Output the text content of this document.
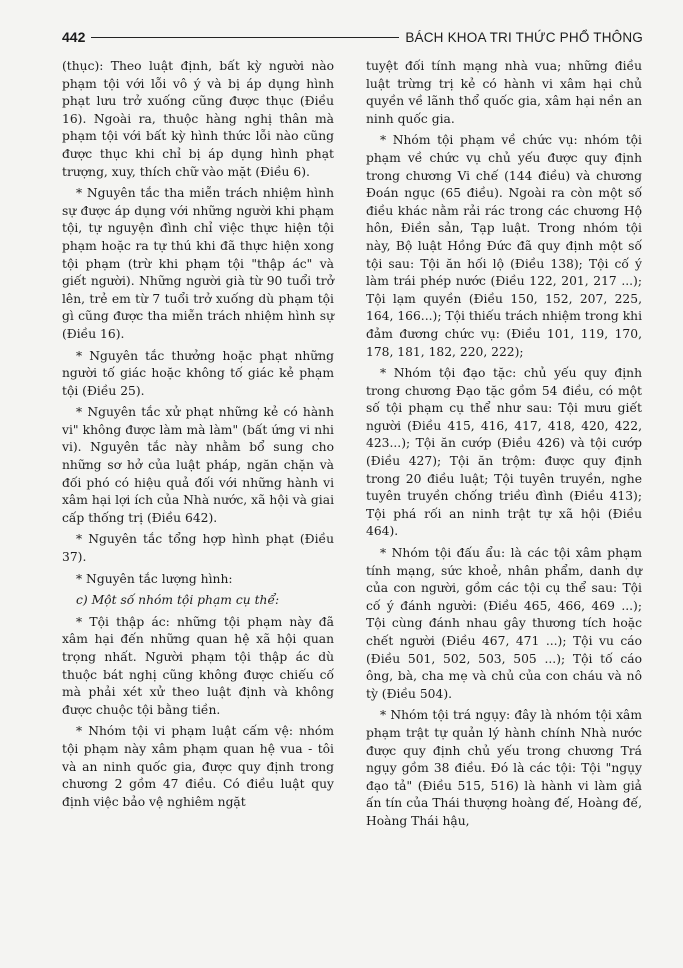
442	BÁCH KHOA TRI THỨC PHỔ THÔNG

(thục): Theo luật định, bất kỳ người nào phạm tội với lỗi vô ý và bị áp dụng hình phạt lưu trở xuống cũng được thục (Điều 16). Ngoài ra, thuộc hàng nghị thân mà phạm tội với bất kỳ hình thức lỗi nào cũng được thục khi chỉ bị áp dụng hình phạt trượng, xuy, thích chữ vào mặt (Điều 6).

* Nguyên tắc tha miễn trách nhiệm hình sự được áp dụng với những người khi phạm tội, tự nguyện đình chỉ việc thực hiện tội phạm hoặc ra tự thú khi đã thực hiện xong tội phạm (trừ khi phạm tội "thập ác" và giết người). Những người già từ 90 tuổi trở lên, trẻ em từ 7 tuổi trở xuống dù phạm tội gì cũng được tha miễn trách nhiệm hình sự (Điều 16).

* Nguyên tắc thưởng hoặc phạt những người tố giác hoặc không tố giác kẻ phạm tội (Điều 25).

* Nguyên tắc xử phạt những kẻ có hành vi" không được làm mà làm" (bất ứng vi nhi vi). Nguyên tắc này nhằm bổ sung cho những sơ hở của luật pháp, ngăn chặn và đối phó có hiệu quả đối với những hành vi xâm hại lợi ích của Nhà nước, xã hội và giai cấp thống trị (Điều 642).

* Nguyên tắc tổng hợp hình phạt (Điều 37).

* Nguyên tắc lượng hình:

c) Một số nhóm tội phạm cụ thể:

* Tội thập ác: những tội phạm này đã xâm hại đến những quan hệ xã hội quan trọng nhất. Người phạm tội thập ác dù thuộc bát nghị cũng không được chiếu cố mà phải xét xử theo luật định và không được chuộc tội bằng tiền.

* Nhóm tội vi phạm luật cấm vệ: nhóm tội phạm này xâm phạm quan hệ vua - tôi và an ninh quốc gia, được quy định trong chương 2 gồm 47 điều. Có điều luật quy định việc bảo vệ nghiêm ngặt

tuyệt đối tính mạng nhà vua; những điều luật trừng trị kẻ có hành vi xâm hại chủ quyền về lãnh thổ quốc gia, xâm hại nền an ninh quốc gia.

* Nhóm tội phạm về chức vụ: nhóm tội phạm về chức vụ chủ yếu được quy định trong chương Vi chế (144 điều) và chương Đoán ngục (65 điều). Ngoài ra còn một số điều khác nằm rải rác trong các chương Hộ hôn, Điền sản, Tạp luật. Trong nhóm tội này, Bộ luật Hồng Đức đã quy định một số tội sau: Tội ăn hối lộ (Điều 138); Tội cố ý làm trái phép nước (Điều 122, 201, 217 ...); Tội lạm quyền (Điều 150, 152, 207, 225, 164, 166...); Tội thiếu trách nhiệm trong khi đảm đương chức vụ: (Điều 101, 119, 170, 178, 181, 182, 220, 222);

* Nhóm tội đạo tặc: chủ yếu quy định trong chương Đạo tặc gồm 54 điều, có một số tội phạm cụ thể như sau: Tội mưu giết người (Điều 415, 416, 417, 418, 420, 422, 423...); Tội ăn cướp (Điều 426) và tội cướp (Điều 427); Tội ăn trộm: được quy định trong 20 điều luật; Tội tuyên truyền, nghe tuyên truyền chống triều đình (Điều 413); Tội phá rối an ninh trật tự xã hội (Điều 464).

* Nhóm tội đấu ẩu: là các tội xâm phạm tính mạng, sức khoẻ, nhân phẩm, danh dự của con người, gồm các tội cụ thể sau: Tội cố ý đánh người: (Điều 465, 466, 469 ...); Tội cùng đánh nhau gây thương tích hoặc chết người (Điều 467, 471 ...); Tội vu cáo (Điều 501, 502, 503, 505 ...); Tội tố cáo ông, bà, cha mẹ và chủ của con cháu và nô tỳ (Điều 504).

* Nhóm tội trá ngụy: đây là nhóm tội xâm phạm trật tự quản lý hành chính Nhà nước được quy định chủ yếu trong chương Trá ngụy gồm 38 điều. Đó là các tội: Tội "ngụy đạo tả" (Điều 515, 516) là hành vi làm giả ấn tín của Thái thượng hoàng đế, Hoàng đế, Hoàng Thái hậu,
